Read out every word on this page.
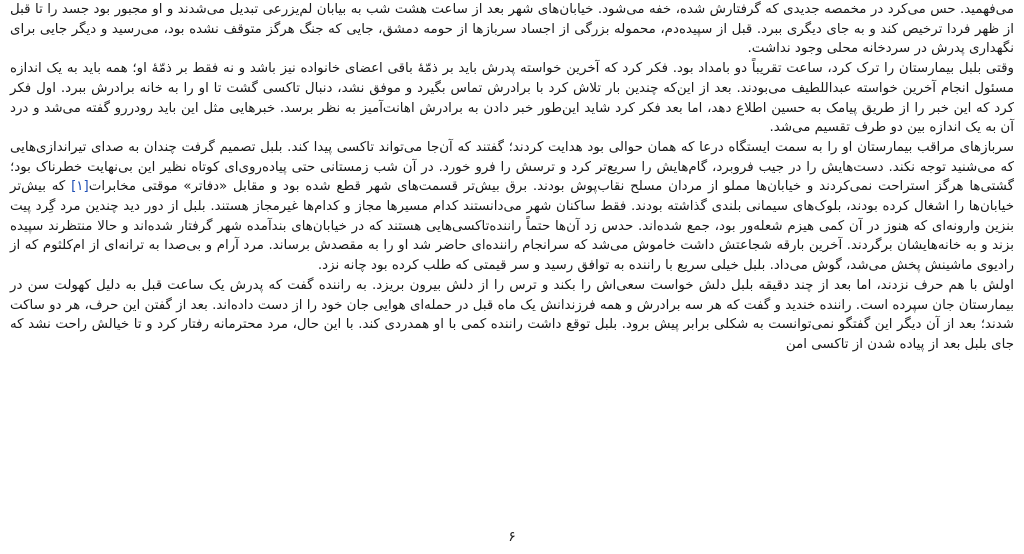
می‌فهمید. حس می‌کرد در مخمصه جدیدی که گرفتارش شده، خفه می‌شود. خیابان‌های شهر بعد از ساعت هشت شب به بیابان لم‌یزرعی تبدیل می‌شدند و او مجبور بود جسد را تا قبل از ظهر فردا ترخیص کند و به جای دیگری ببرد. قبل از سپیده‌دم، محموله بزرگی از اجساد سربازها از حومه دمشق، جایی که جنگ هرگز متوقف نشده بود، می‌رسید و دیگر جایی برای نگهداری پدرش در سردخانه محلی وجود نداشت.

وقتی بلبل بیمارستان را ترک کرد، ساعت تقریباً دو بامداد بود. فکر کرد که آخرین خواسته پدرش باید بر ذمّهٔ باقی اعضای خانواده نیز باشد و نه فقط بر ذمّهٔ او؛ همه باید به یک اندازه مسئول انجام آخرین خواسته عبداللطیف می‌بودند. بعد از این‌که چندین بار تلاش کرد با برادرش تماس بگیرد و موفق نشد، دنبال تاکسی گشت تا او را به خانه برادرش ببرد. اول فکر کرد که این خبر را از طریق پیامک به حسین اطلاع دهد، اما بعد فکر کرد شاید این‌طور خبر دادن به برادرش اهانت‌آمیز به نظر برسد. خبرهایی مثل این باید رودررو گفته می‌شد و درد آن به یک اندازه بین دو طرف تقسیم می‌شد.

سربازهای مراقب بیمارستان او را به سمت ایستگاه درعا که همان حوالی بود هدایت کردند؛ گفتند که آن‌جا می‌تواند تاکسی پیدا کند. بلبل تصمیم گرفت چندان به صدای تیراندازی‌هایی که می‌شنید توجه نکند. دست‌هایش را در جیب فروبرد، گام‌هایش را سریع‌تر کرد و ترسش را فرو خورد. در آن شب زمستانی حتی پیاده‌روی‌ای کوتاه نظیر این بی‌نهایت خطرناک بود؛ گشتی‌ها هرگز استراحت نمی‌کردند و خیابان‌ها مملو از مردان مسلح نقاب‌پوش بودند. برق بیش‌تر قسمت‌های شهر قطع شده بود و مقابل «دفاتر» موقتی مخابرات[۱] که بیش‌تر خیابان‌ها را اشغال کرده بودند، بلوک‌های سیمانی بلندی گذاشته بودند. فقط ساکنان شهر می‌دانستند کدام مسیرها مجاز و کدام‌ها غیرمجاز هستند. بلبل از دور دید چندین مرد گِرد پیت بنزین وارونه‌ای که هنوز در آن کمی هیزم شعله‌ور بود، جمع شده‌اند. حدس زد آن‌ها حتماً راننده‌تاکسی‌هایی هستند که در خیابان‌های بندآمده شهر گرفتار شده‌اند و حالا منتظرند سپیده بزند و به خانه‌هایشان برگردند. آخرین بارقه شجاعتش داشت خاموش می‌شد که سرانجام راننده‌ای حاضر شد او را به مقصدش برساند. مرد آرام و بی‌صدا به ترانه‌ای از ام‌کلثوم که از رادیوی ماشینش پخش می‌شد، گوش می‌داد. بلبل خیلی سریع با راننده به توافق رسید و سر قیمتی که طلب کرده بود چانه نزد.

اولش با هم حرف نزدند، اما بعد از چند دقیقه بلبل دلش خواست سعی‌اش را بکند و ترس را از دلش بیرون بریزد. به راننده گفت که پدرش یک ساعت قبل به دلیل کهولت سن در بیمارستان جان سپرده است. راننده خندید و گفت که هر سه برادرش و همه فرزندانش یک ماه قبل در حمله‌ای هوایی جان خود را از دست داده‌اند. بعد از گفتن این حرف، هر دو ساکت شدند؛ بعد از آن دیگر این گفتگو نمی‌توانست به شکلی برابر پیش برود. بلبل توقع داشت راننده کمی با او همدردی کند. با این حال، مرد محترمانه رفتار کرد و تا خیالش راحت نشد که جای بلبل بعد از پیاده شدن از تاکسی امن

۶
